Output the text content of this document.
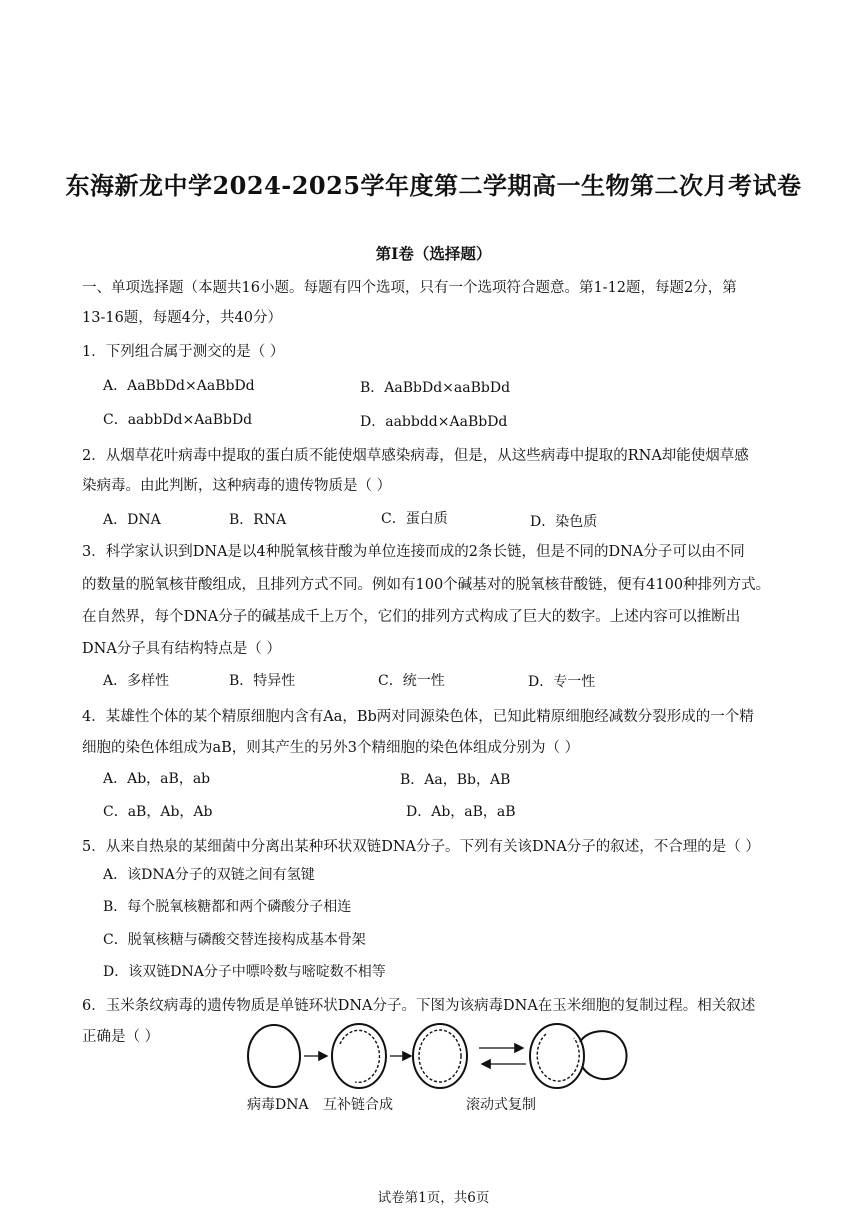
东海新龙中学2024-2025学年度第二学期高一生物第二次月考试卷
第Ⅰ卷（选择题）
一、单项选择题（本题共16小题。每题有四个选项，只有一个选项符合题意。第1-12题，每题2分，第
13-16题，每题4分，共40分）
1．下列组合属于测交的是（ ）
A．AaBbDd×AaBbDd	B．AaBbDd×aaBbDd
C．aabbDd×AaBbDd	D．aabbdd×AaBbDd
2．从烟草花叶病毒中提取的蛋白质不能使烟草感染病毒，但是，从这些病毒中提取的RNA却能使烟草感
染病毒。由此判断，这种病毒的遗传物质是（ ）
A．DNA	B．RNA	C．蛋白质	D．染色质
3．科学家认识到DNA是以4种脱氧核苷酸为单位连接而成的2条长链，但是不同的DNA分子可以由不同
的数量的脱氧核苷酸组成，且排列方式不同。例如有100个碱基对的脱氧核苷酸链，便有4100种排列方式。
在自然界，每个DNA分子的碱基成千上万个，它们的排列方式构成了巨大的数字。上述内容可以推断出
DNA分子具有结构特点是（ ）
A．多样性	B．特异性	C．统一性	D．专一性
4．某雄性个体的某个精原细胞内含有Aa，Bb两对同源染色体，已知此精原细胞经减数分裂形成的一个精
细胞的染色体组成为aB，则其产生的另外3个精细胞的染色体组成分别为（ ）
A．Ab，aB，ab	B．Aa，Bb，AB
C．aB，Ab，Ab	D．Ab，aB，aB
5．从来自热泉的某细菌中分离出某种环状双链DNA分子。下列有关该DNA分子的叙述，不合理的是（ ）
A．该DNA分子的双链之间有氢键
B．每个脱氧核糖都和两个磷酸分子相连
C．脱氧核糖与磷酸交替连接构成基本骨架
D．该双链DNA分子中嘌呤数与嘧啶数不相等
6．玉米条纹病毒的遗传物质是单链环状DNA分子。下图为该病毒DNA在玉米细胞的复制过程。相关叙述
正确是（ ）
病毒DNA 互补链合成	滚动式复制
试卷第1页，共6页
